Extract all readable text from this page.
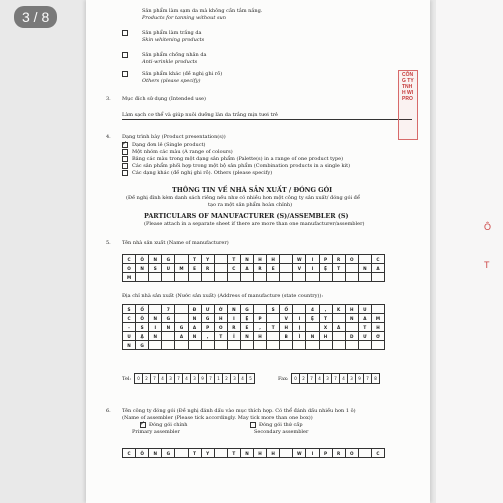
3 / 8	Sản phẩm làm sạm da mà không cần tắm nắng.
Products for tanning without sun
Sản phẩm làm trắng da
Skin whitening products
Sản phẩm chống nhăn da
Anti-wrinkle products
Sản phẩm khác (đề nghị ghi rõ)
Others (please specify)
3. Mục đích sử dụng (Intended use)
Làm sạch cơ thể và giúp nuôi dưỡng làn da trắng mịn tươi trẻ
4. Dạng trình bày (Product presentation(s))
✓
Dạng đơn lẻ (Single product)
Một nhóm các màu (A range of colours)
Bảng các màu trong một dạng sản phẩm (Palette(s) in a range of one product type)
Các sản phẩm phối hợp trong một bộ sản phẩm (Combination products in a single kit)
Các dạng khác (đề nghị ghi rõ). Others (please specify)
THÔNG TIN VỀ NHÀ SẢN XUẤT / ĐÓNG GÓI
(Đề nghị đính kèm danh sách riêng nếu như có nhiều hơn một công ty sản xuất/ đóng gói để
tạo ra một sản phẩm hoàn chỉnh)
PARTICULARS OF MANUFACTURER (S)/ASSEMBLER (S)
(Please attach in a separate sheet if there are more than one manufacturer/assembler)
5. Tên nhà sản xuất (Name of manufacturer)
C	Ô	N	G	T	Y	T	N	H	H	W	I	P	R	O	C
O	N	S	U	M	E	R	C	A	R	E	V	I	Ệ	T	N	A
M
Địa chỉ nhà sản xuất (Nước sản xuất) (Address of manufacture (state country)):
S	Ố	7	Đ	Ư	Ờ	N	G	S	Ố	4	,	K	H	U
C	Ô	N	G	N	G	H	I	Ệ	P	V	I	Ệ	T	N	A	M
-	S	I	N	G	A	P	O	R	E	,	T	H	Ị	X	Ã	T	H
U	Ậ	N	A	N	,	T	Ỉ	N	H	B	Ì	N	H	D	Ư	Ơ
N	G
Tel:	0	2	7	4	3	7	4	3	9	7	1	2	3	4	5	Fax:	0	2	7	4	3	7	4	3	9	7	8
6. Tên công ty đóng gói (Đề nghị đánh dấu vào mục thích hợp. Có thể đánh dấu nhiều hơn 1 ô)
(Name of assembler (Please tick accordingly. May tick more than one box))
✓
Đóng gói chính
Primary assembler
Đóng gói thứ cấp
Secondary assembler
C	Ô	N	G	T	Y	T	N	H	H	W	I	P	R	O	C
CÔNG TY TNHH WIPRO
Ô
T
